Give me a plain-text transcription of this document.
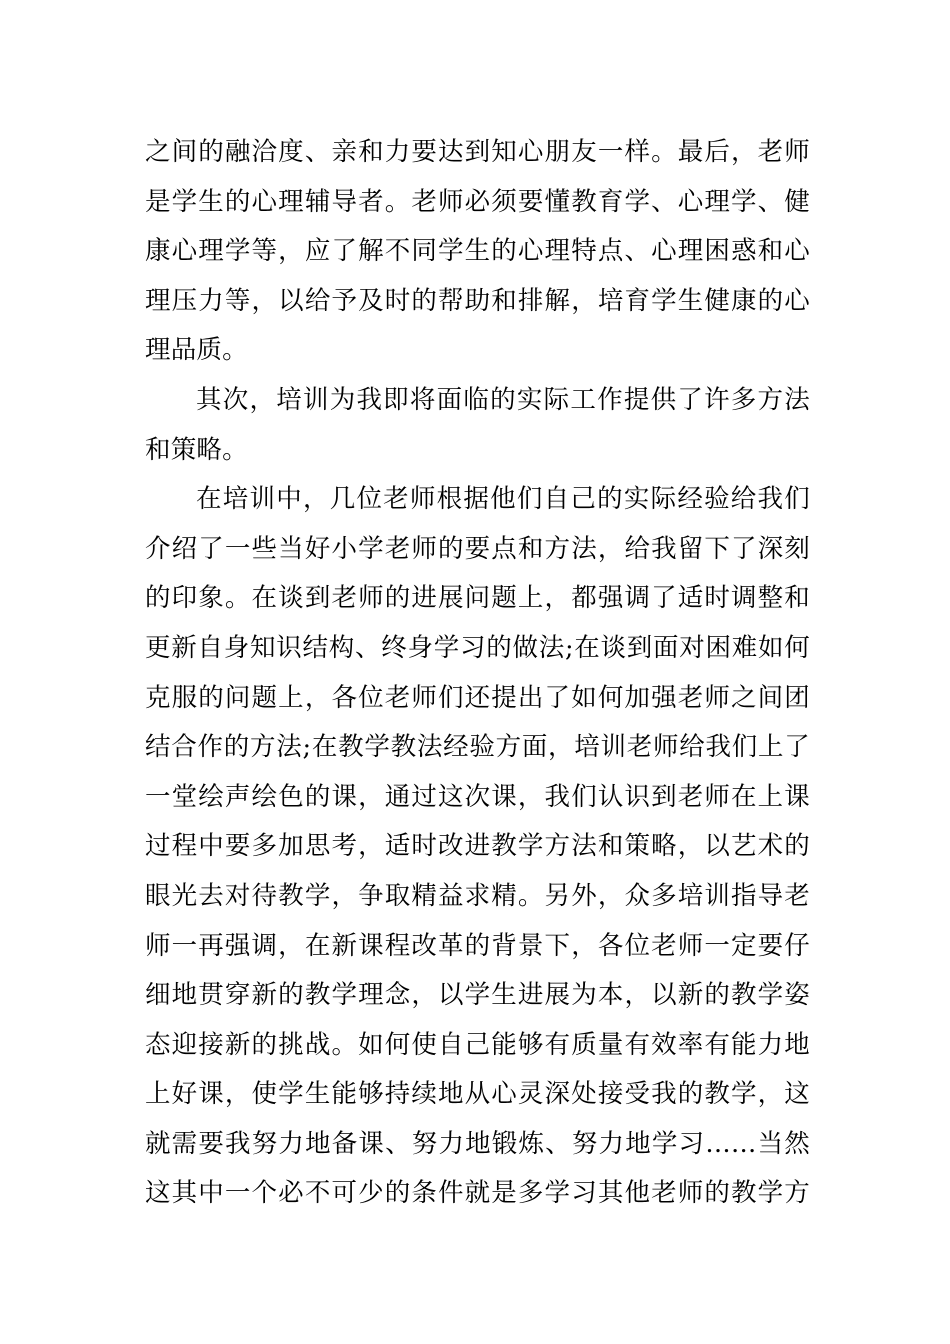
之间的融洽度、亲和力要达到知心朋友一样。最后，老师
是学生的心理辅导者。老师必须要懂教育学、心理学、健
康心理学等，应了解不同学生的心理特点、心理困惑和心
理压力等，以给予及时的帮助和排解，培育学生健康的心
理品质。
其次，培训为我即将面临的实际工作提供了许多方法
和策略。
在培训中，几位老师根据他们自己的实际经验给我们
介绍了一些当好小学老师的要点和方法，给我留下了深刻
的印象。在谈到老师的进展问题上，都强调了适时调整和
更新自身知识结构、终身学习的做法;在谈到面对困难如何
克服的问题上，各位老师们还提出了如何加强老师之间团
结合作的方法;在教学教法经验方面，培训老师给我们上了
一堂绘声绘色的课，通过这次课，我们认识到老师在上课
过程中要多加思考，适时改进教学方法和策略，以艺术的
眼光去对待教学，争取精益求精。另外，众多培训指导老
师一再强调，在新课程改革的背景下，各位老师一定要仔
细地贯穿新的教学理念，以学生进展为本，以新的教学姿
态迎接新的挑战。如何使自己能够有质量有效率有能力地
上好课，使学生能够持续地从心灵深处接受我的教学，这
就需要我努力地备课、努力地锻炼、努力地学习……当然
这其中一个必不可少的条件就是多学习其他老师的教学方
